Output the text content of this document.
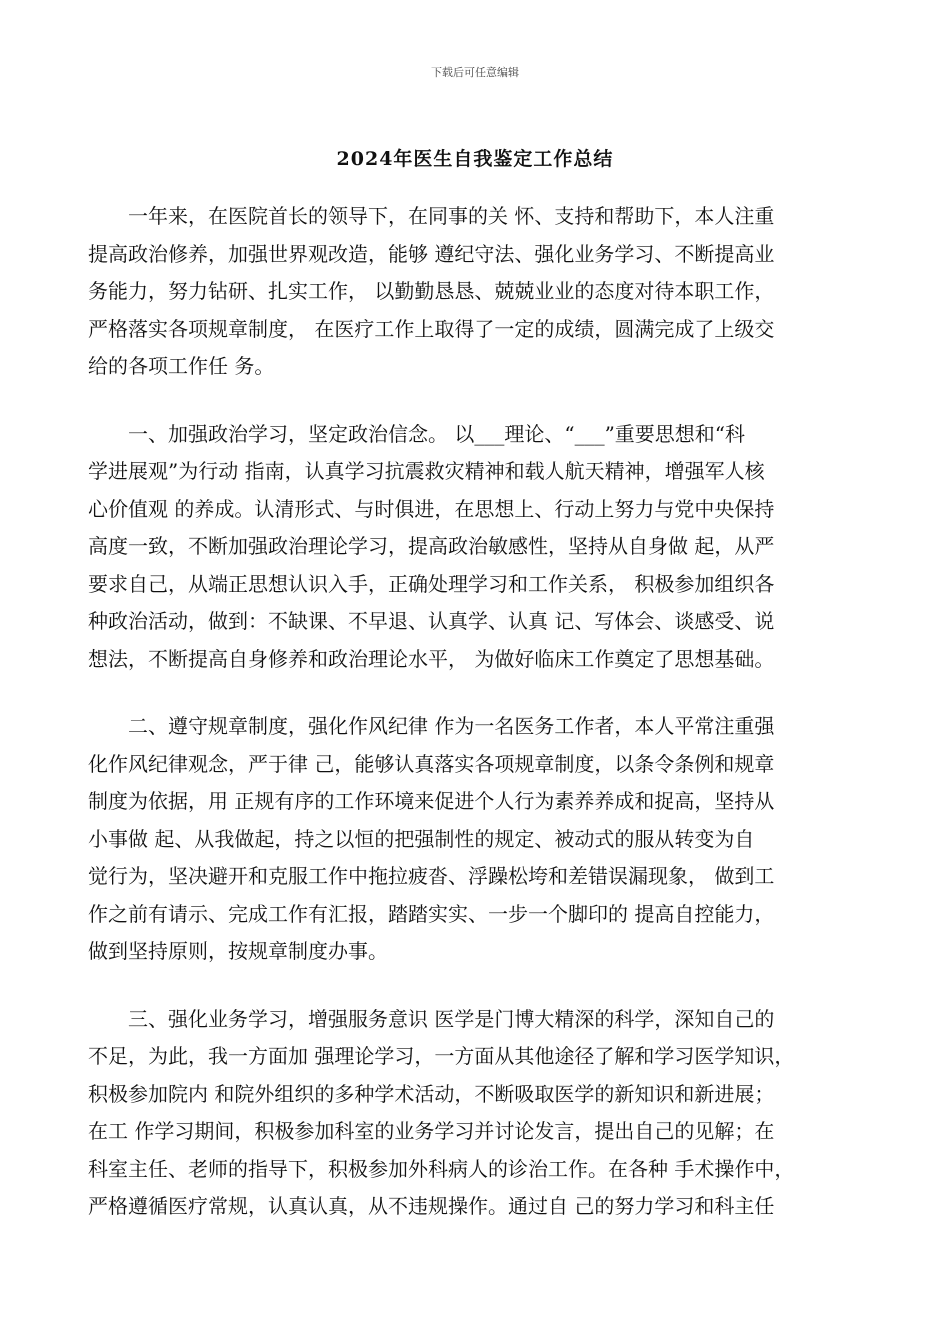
下载后可任意编辑
2024年医生自我鉴定工作总结

　　一年来，在医院首长的领导下，在同事的关 怀、支持和帮助下，本人注重
提高政治修养，加强世界观改造，能够 遵纪守法、强化业务学习、不断提高业
务能力，努力钻研、扎实工作， 以勤勤恳恳、兢兢业业的态度对待本职工作，
严格落实各项规章制度， 在医疗工作上取得了一定的成绩，圆满完成了上级交
给的各项工作任 务。

　　一、加强政治学习，坚定政治信念。 以___理论、“___”重要思想和“科
学进展观”为行动 指南，认真学习抗震救灾精神和载人航天精神，增强军人核
心价值观 的养成。认清形式、与时俱进，在思想上、行动上努力与党中央保持
高度一致，不断加强政治理论学习，提高政治敏感性，坚持从自身做 起，从严
要求自己，从端正思想认识入手，正确处理学习和工作关系， 积极参加组织各
种政治活动，做到：不缺课、不早退、认真学、认真 记、写体会、谈感受、说
想法，不断提高自身修养和政治理论水平， 为做好临床工作奠定了思想基础。

　　二、遵守规章制度，强化作风纪律 作为一名医务工作者，本人平常注重强
化作风纪律观念，严于律 己，能够认真落实各项规章制度，以条令条例和规章
制度为依据，用 正规有序的工作环境来促进个人行为素养养成和捉高，坚持从
小事做 起、从我做起，持之以恒的把强制性的规定、被动式的服从转变为自
觉行为，坚决避开和克服工作中拖拉疲沓、浮躁松垮和差错误漏现象， 做到工
作之前有请示、完成工作有汇报，踏踏实实、一步一个脚印的 提高自控能力，
做到坚持原则，按规章制度办事。

　　三、强化业务学习，增强服务意识 医学是门博大精深的科学，深知自己的
不足，为此，我一方面加 强理论学习，一方面从其他途径了解和学习医学知识，
积极参加院内 和院外组织的多种学术活动，不断吸取医学的新知识和新进展；
在工 作学习期间，积极参加科室的业务学习并讨论发言，提出自己的见解；在
科室主任、老师的指导下，积极参加外科病人的诊治工作。在各种 手术操作中，
严格遵循医疗常规，认真认真，从不违规操作。通过自 己的努力学习和科主任
